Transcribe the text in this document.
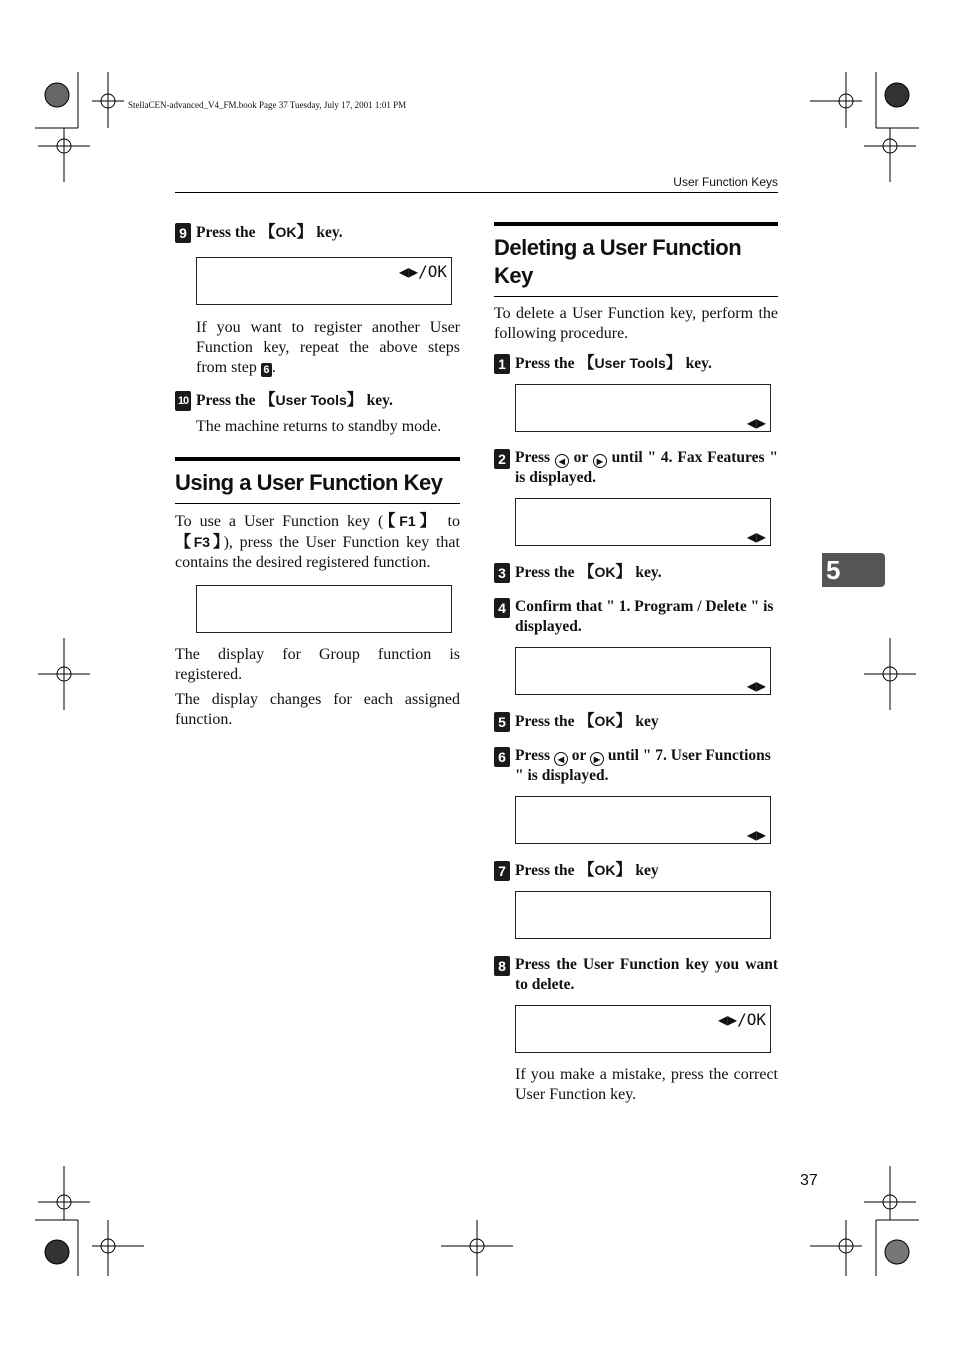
StellaCEN-advanced_V4_FM.book Page 37 Tuesday, July 17, 2001 1:01 PM
User Function Keys
9 Press the 【OK】 key.

◀▶/OK

If you want to register another User Function key, repeat the above steps from step 6 .
10 Press the 【User Tools】 key.
The machine returns to standby mode.
Using a User Function Key
To use a User Function key (【F1】 to 【F3】), press the User Function key that contains the desired registered function.

The display for Group function is registered.
The display changes for each assigned function.
Deleting a User Function Key
To delete a User Function key, perform the following procedure.
1 Press the 【User Tools】 key.

◀▶

2 Press ◀ or ▶ until " 4. Fax Features " is displayed.

◀▶

3 Press the 【OK】 key.
4 Confirm that " 1. Program / Delete " is displayed.

◀▶

5 Press the 【OK】 key
6 Press ◀ or ▶ until " 7. User Functions " is displayed.

◀▶

7 Press the 【OK】 key

8 Press the User Function key you want to delete.

◀▶/OK

If you make a mistake, press the correct User Function key.
5
37
